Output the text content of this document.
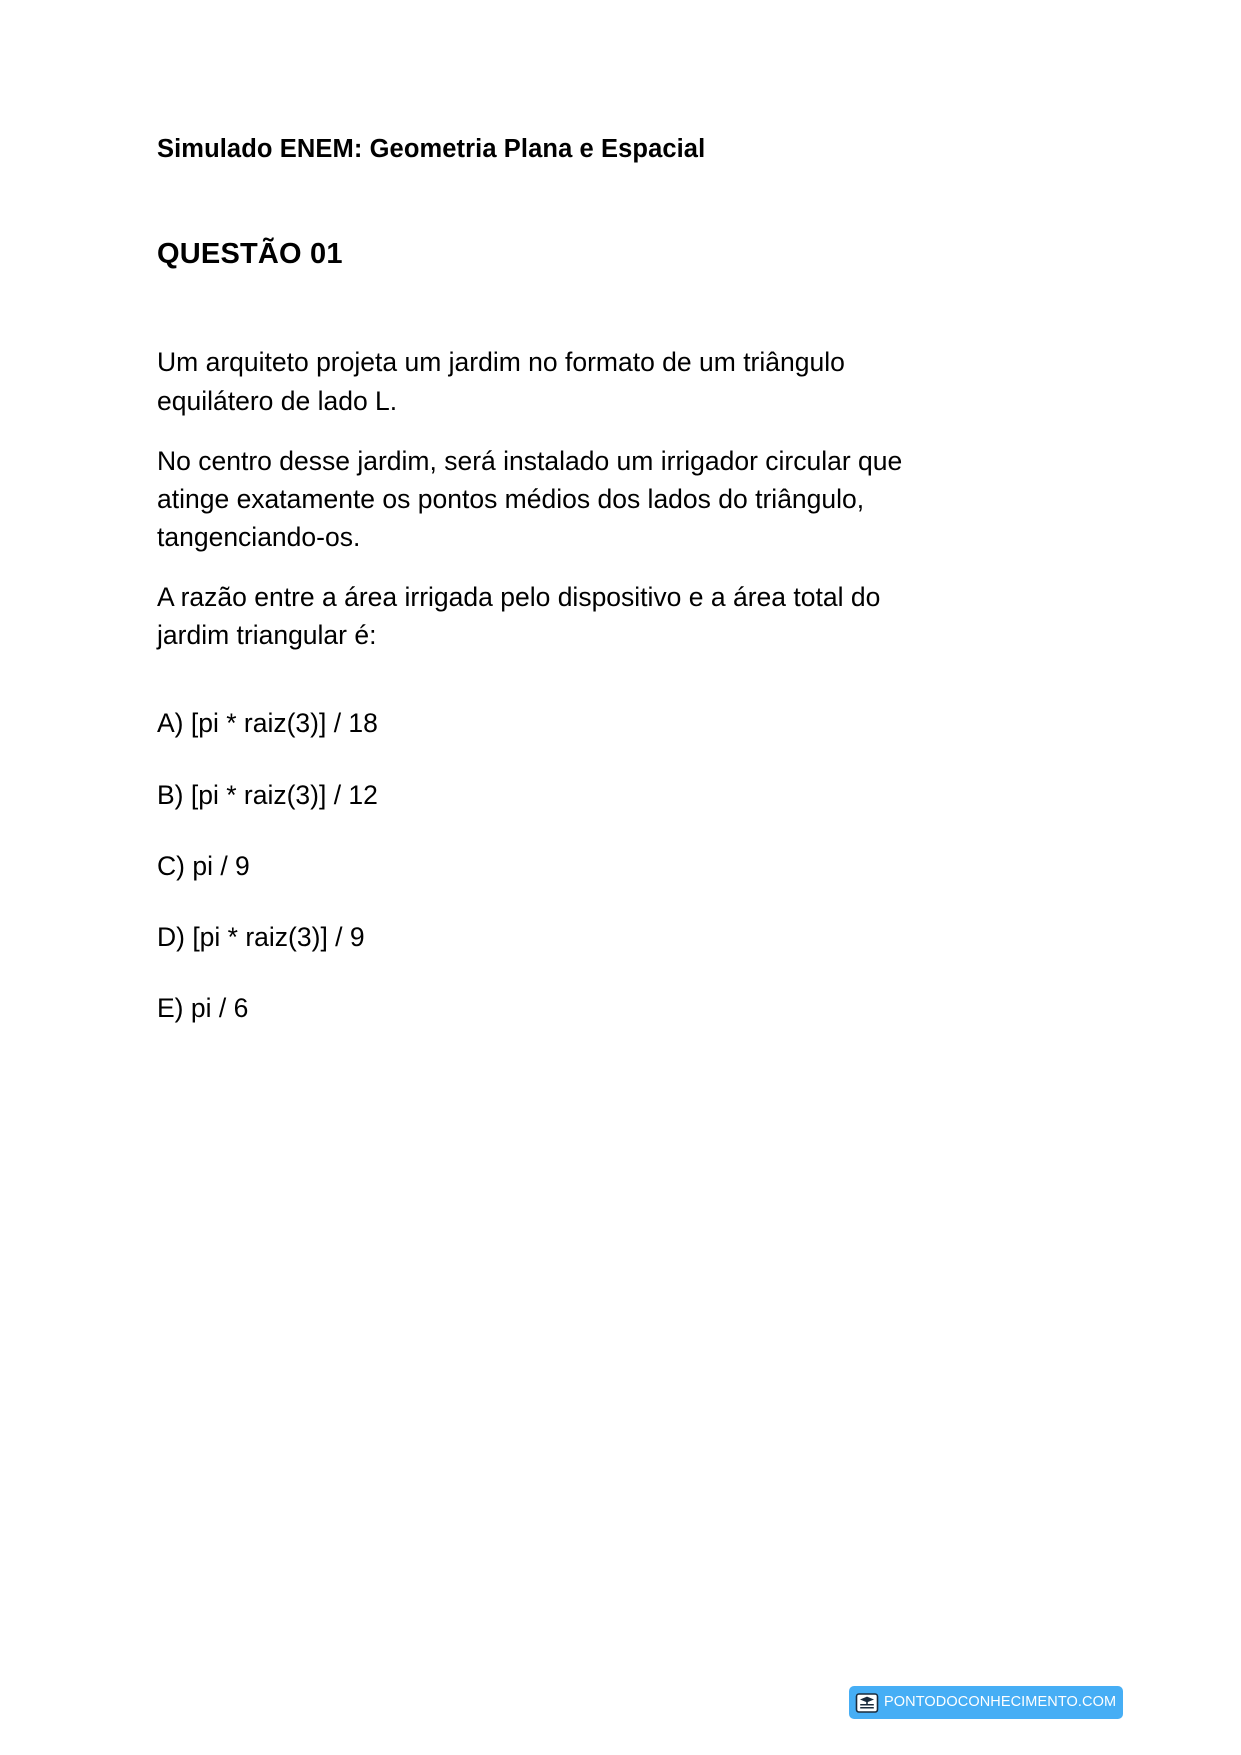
Simulado ENEM: Geometria Plana e Espacial
QUESTÃO 01

Um arquiteto projeta um jardim no formato de um triângulo equilátero de lado L.

No centro desse jardim, será instalado um irrigador circular que atinge exatamente os pontos médios dos lados do triângulo, tangenciando-os.

A razão entre a área irrigada pelo dispositivo e a área total do jardim triangular é:

A) [pi * raiz(3)] / 18

B) [pi * raiz(3)] / 12

C) pi / 9

D) [pi * raiz(3)] / 9

E) pi / 6

PONTODOCONHECIMENTO.COM
